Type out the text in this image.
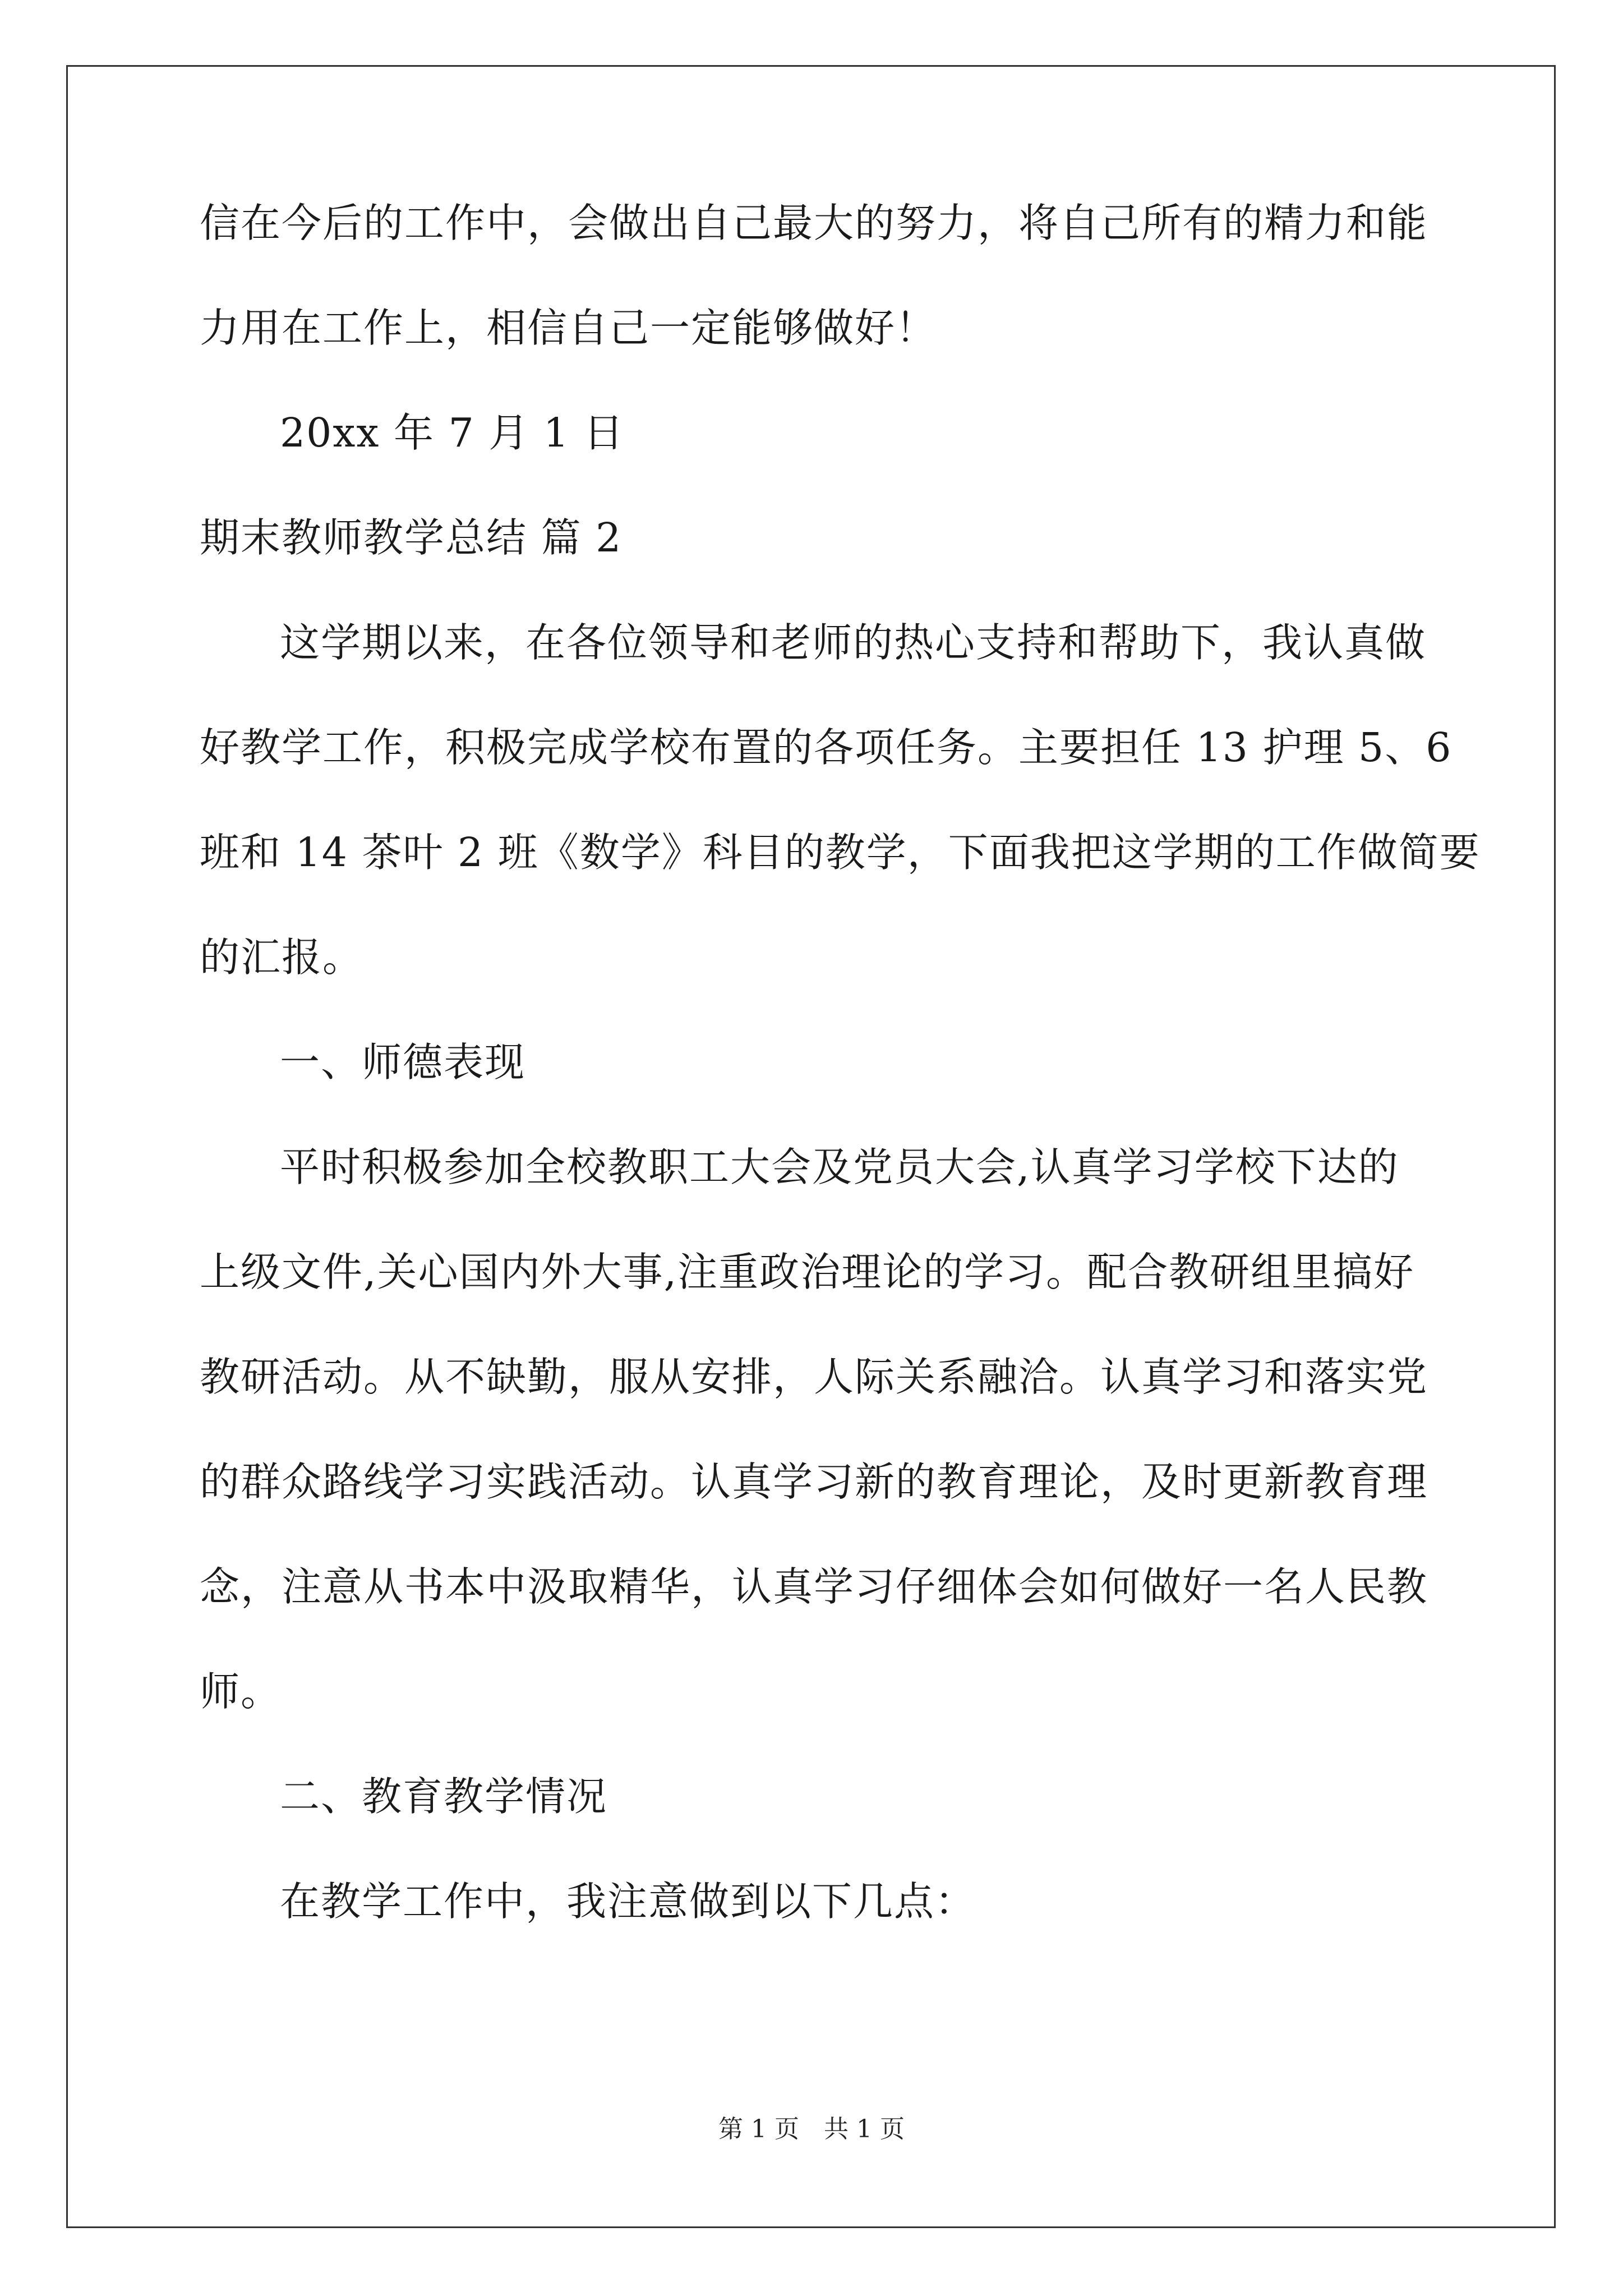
信在今后的工作中，会做出自己最大的努力，将自己所有的精力和能

力用在工作上，相信自己一定能够做好！

20xx 年 7 月 1 日

期末教师教学总结 篇 2

这学期以来，在各位领导和老师的热心支持和帮助下，我认真做

好教学工作，积极完成学校布置的各项任务。主要担任 13 护理 5、6

班和 14 茶叶 2 班《数学》科目的教学，下面我把这学期的工作做简要

的汇报。

一、师德表现

平时积极参加全校教职工大会及党员大会,认真学习学校下达的

上级文件,关心国内外大事,注重政治理论的学习。配合教研组里搞好

教研活动。从不缺勤，服从安排，人际关系融洽。认真学习和落实党

的群众路线学习实践活动。认真学习新的教育理论，及时更新教育理

念，注意从书本中汲取精华，认真学习仔细体会如何做好一名人民教

师。

二、教育教学情况

在教学工作中，我注意做到以下几点：

第 1 页　共 1 页
